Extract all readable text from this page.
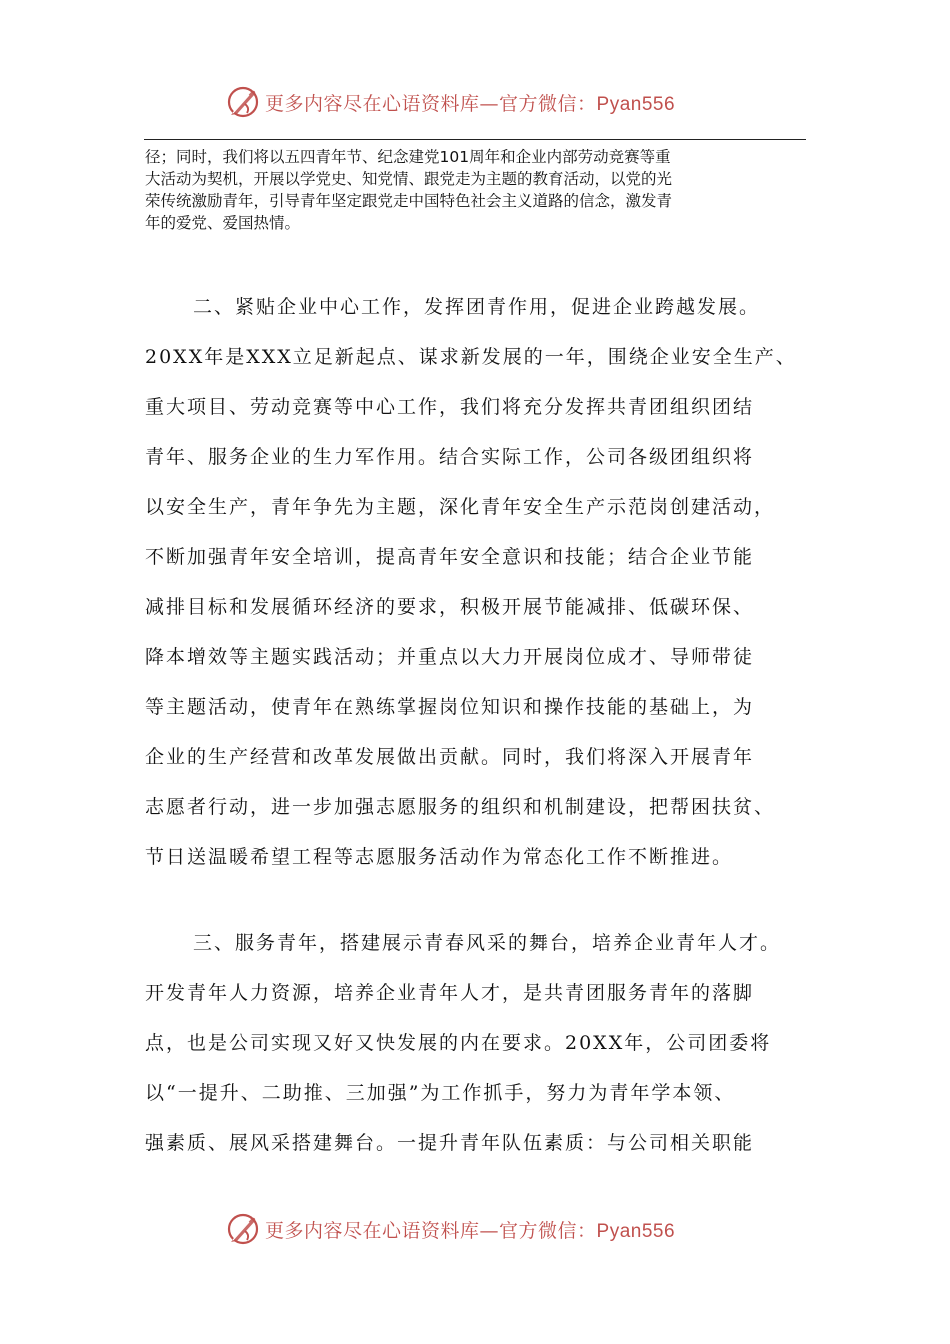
更多内容尽在心语资料库—官方微信：Pyan556
径；同时，我们将以五四青年节、纪念建党101周年和企业内部劳动竞赛等重
大活动为契机，开展以学党史、知党情、跟党走为主题的教育活动，以党的光
荣传统激励青年，引导青年坚定跟党走中国特色社会主义道路的信念，激发青
年的爱党、爱国热情。
二、紧贴企业中心工作，发挥团青作用，促进企业跨越发展。
20XX年是XXX立足新起点、谋求新发展的一年，围绕企业安全生产、
重大项目、劳动竞赛等中心工作，我们将充分发挥共青团组织团结
青年、服务企业的生力军作用。结合实际工作，公司各级团组织将
以安全生产，青年争先为主题，深化青年安全生产示范岗创建活动，
不断加强青年安全培训，提高青年安全意识和技能；结合企业节能
减排目标和发展循环经济的要求，积极开展节能减排、低碳环保、
降本增效等主题实践活动；并重点以大力开展岗位成才、导师带徒
等主题活动，使青年在熟练掌握岗位知识和操作技能的基础上，为
企业的生产经营和改革发展做出贡献。同时，我们将深入开展青年
志愿者行动，进一步加强志愿服务的组织和机制建设，把帮困扶贫、
节日送温暖希望工程等志愿服务活动作为常态化工作不断推进。
三、服务青年，搭建展示青春风采的舞台，培养企业青年人才。
开发青年人力资源，培养企业青年人才，是共青团服务青年的落脚
点，也是公司实现又好又快发展的内在要求。20XX年，公司团委将
以“一提升、二助推、三加强”为工作抓手，努力为青年学本领、
强素质、展风采搭建舞台。一提升青年队伍素质：与公司相关职能
更多内容尽在心语资料库—官方微信：Pyan556
